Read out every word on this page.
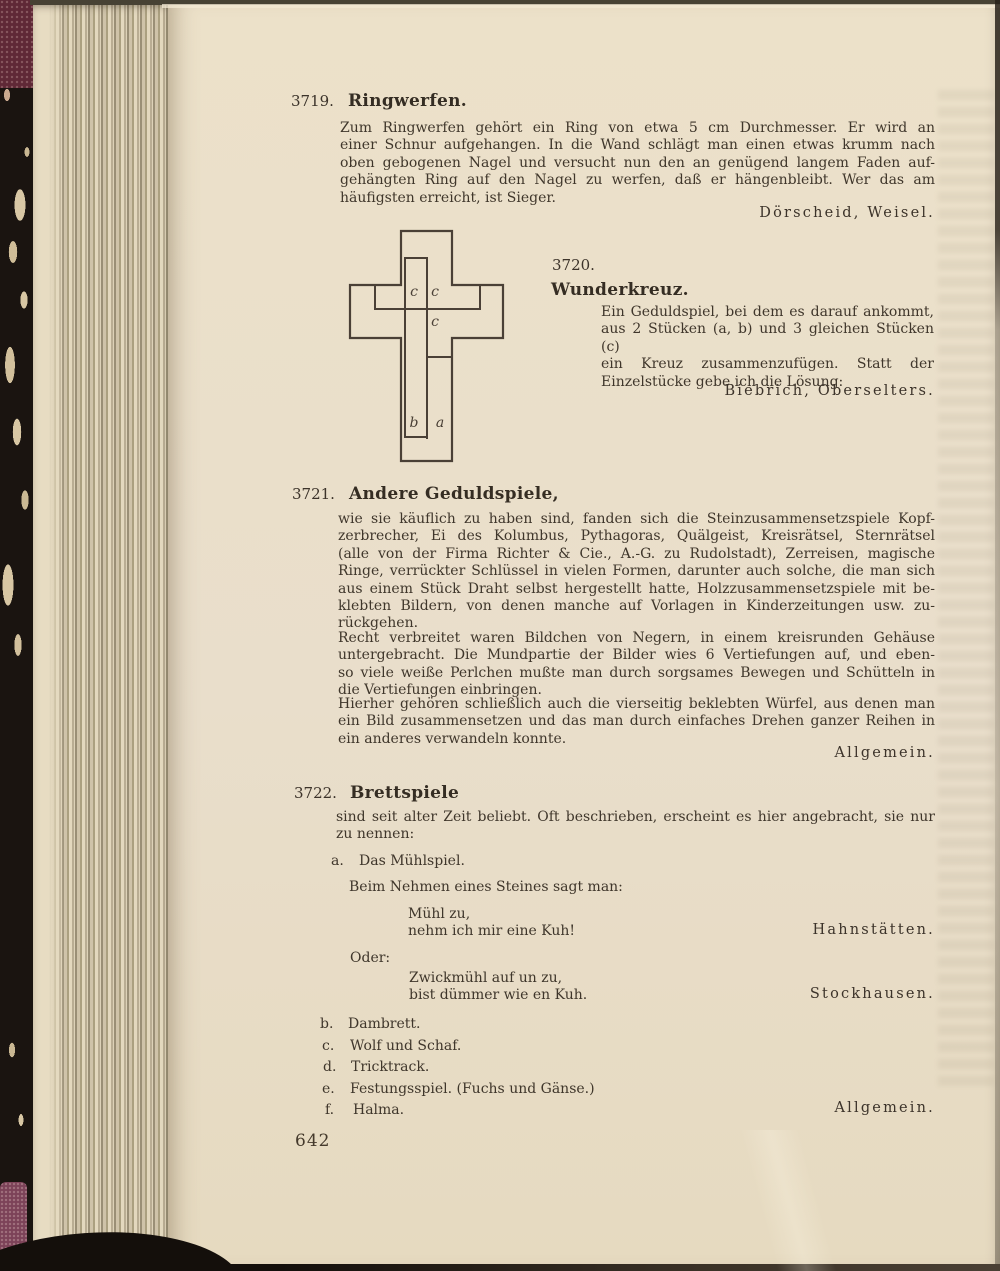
3719. Ringwerfen.
Zum Ringwerfen gehört ein Ring von etwa 5 cm Durchmesser. Er wird an
einer Schnur aufgehangen. In die Wand schlägt man einen etwas krumm nach
oben gebogenen Nagel und versucht nun den an genügend langem Faden auf-
gehängten Ring auf den Nagel zu werfen, daß er hängenbleibt. Wer das am
häufigsten erreicht, ist Sieger.
Dörscheid, Weisel.
c c
c
b a
3720.
Wunderkreuz.
Ein Geduldspiel, bei dem es darauf ankommt,
aus 2 Stücken (a, b) und 3 gleichen Stücken (c)
ein Kreuz zusammenzufügen. Statt der
Einzelstücke gebe ich die Lösung:
Biebrich, Oberselters.
3721. Andere Geduldspiele,
wie sie käuflich zu haben sind, fanden sich die Steinzusammensetzspiele Kopf-
zerbrecher, Ei des Kolumbus, Pythagoras, Quälgeist, Kreisrätsel, Sternrätsel
(alle von der Firma Richter & Cie., A.-G. zu Rudolstadt), Zerreisen, magische
Ringe, verrückter Schlüssel in vielen Formen, darunter auch solche, die man sich
aus einem Stück Draht selbst hergestellt hatte, Holzzusammensetzspiele mit be-
klebten Bildern, von denen manche auf Vorlagen in Kinderzeitungen usw. zu-
rückgehen.
Recht verbreitet waren Bildchen von Negern, in einem kreisrunden Gehäuse
untergebracht. Die Mundpartie der Bilder wies 6 Vertiefungen auf, und eben-
so viele weiße Perlchen mußte man durch sorgsames Bewegen und Schütteln in
die Vertiefungen einbringen.
Hierher gehören schließlich auch die vierseitig beklebten Würfel, aus denen man
ein Bild zusammensetzen und das man durch einfaches Drehen ganzer Reihen in
ein anderes verwandeln konnte.
Allgemein.
3722. Brettspiele
sind seit alter Zeit beliebt. Oft beschrieben, erscheint es hier angebracht, sie nur
zu nennen:
a.	Das Mühlspiel.
Beim Nehmen eines Steines sagt man:
Mühl zu,
nehm ich mir eine Kuh!	Hahnstätten.
Oder:
Zwickmühl auf un zu,
bist dümmer wie en Kuh.	Stockhausen.
b.	Dambrett.
c.	Wolf und Schaf.
d.	Tricktrack.
e.	Festungsspiel. (Fuchs und Gänse.)
f.	Halma.	Allgemein.
642
